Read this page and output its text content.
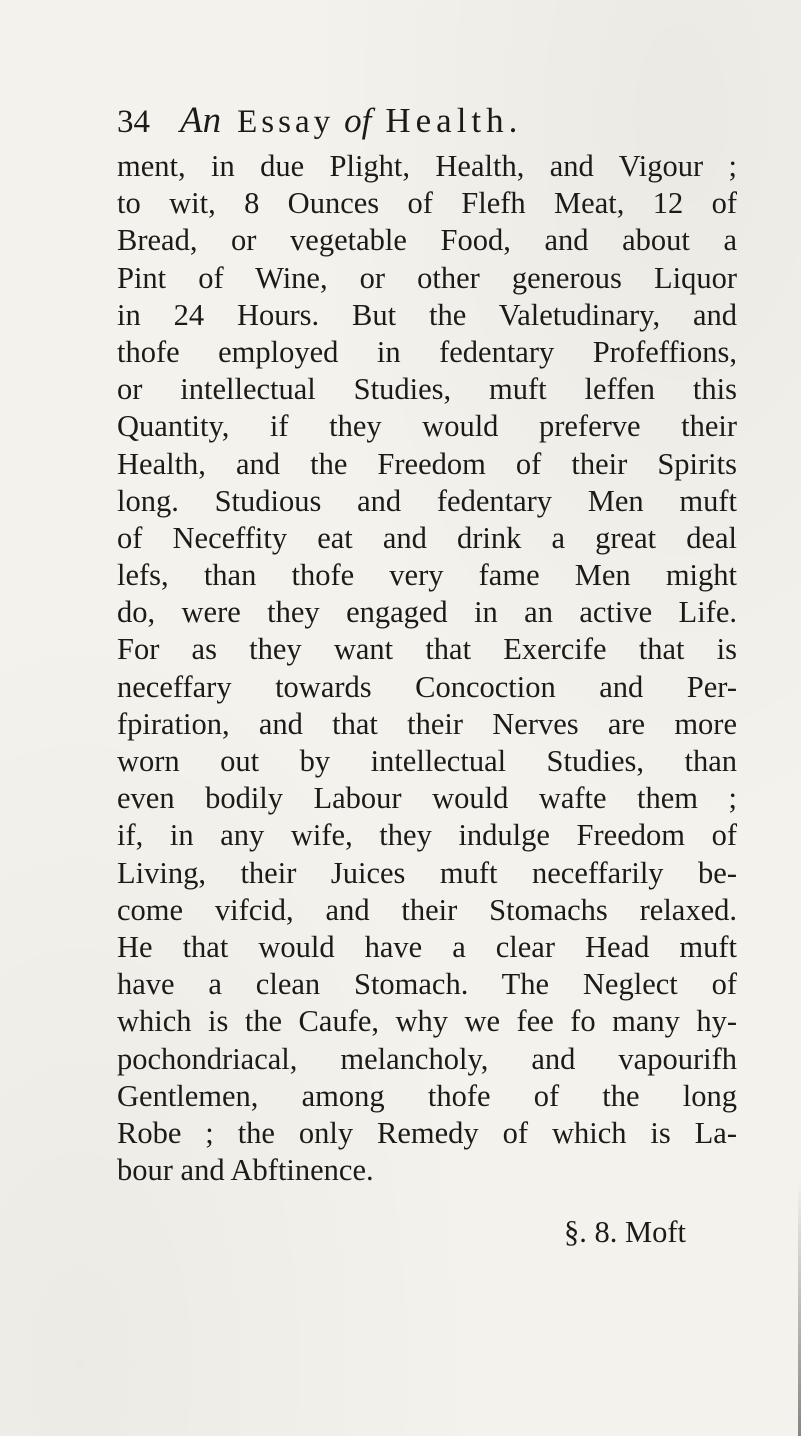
34 An Essay of Health.
ment, in due Plight, Health, and Vigour ;
to wit, 8 Ounces of Flefh Meat, 12 of
Bread, or vegetable Food, and about a
Pint of Wine, or other generous Liquor
in 24 Hours. But the Valetudinary, and
thofe employed in fedentary Profeffions,
or intellectual Studies, muft leffen this
Quantity, if they would preferve their
Health, and the Freedom of their Spirits
long. Studious and fedentary Men muft
of Neceffity eat and drink a great deal
lefs, than thofe very fame Men might
do, were they engaged in an active Life.
For as they want that Exercife that is
neceffary towards Concoction and Per-
fpiration, and that their Nerves are more
worn out by intellectual Studies, than
even bodily Labour would wafte them ;
if, in any wife, they indulge Freedom of
Living, their Juices muft neceffarily be-
come vifcid, and their Stomachs relaxed.
He that would have a clear Head muft
have a clean Stomach. The Neglect of
which is the Caufe, why we fee fo many hy-
pochondriacal, melancholy, and vapourifh
Gentlemen, among thofe of the long
Robe ; the only Remedy of which is La-
bour and Abftinence.
§. 8. Moft
